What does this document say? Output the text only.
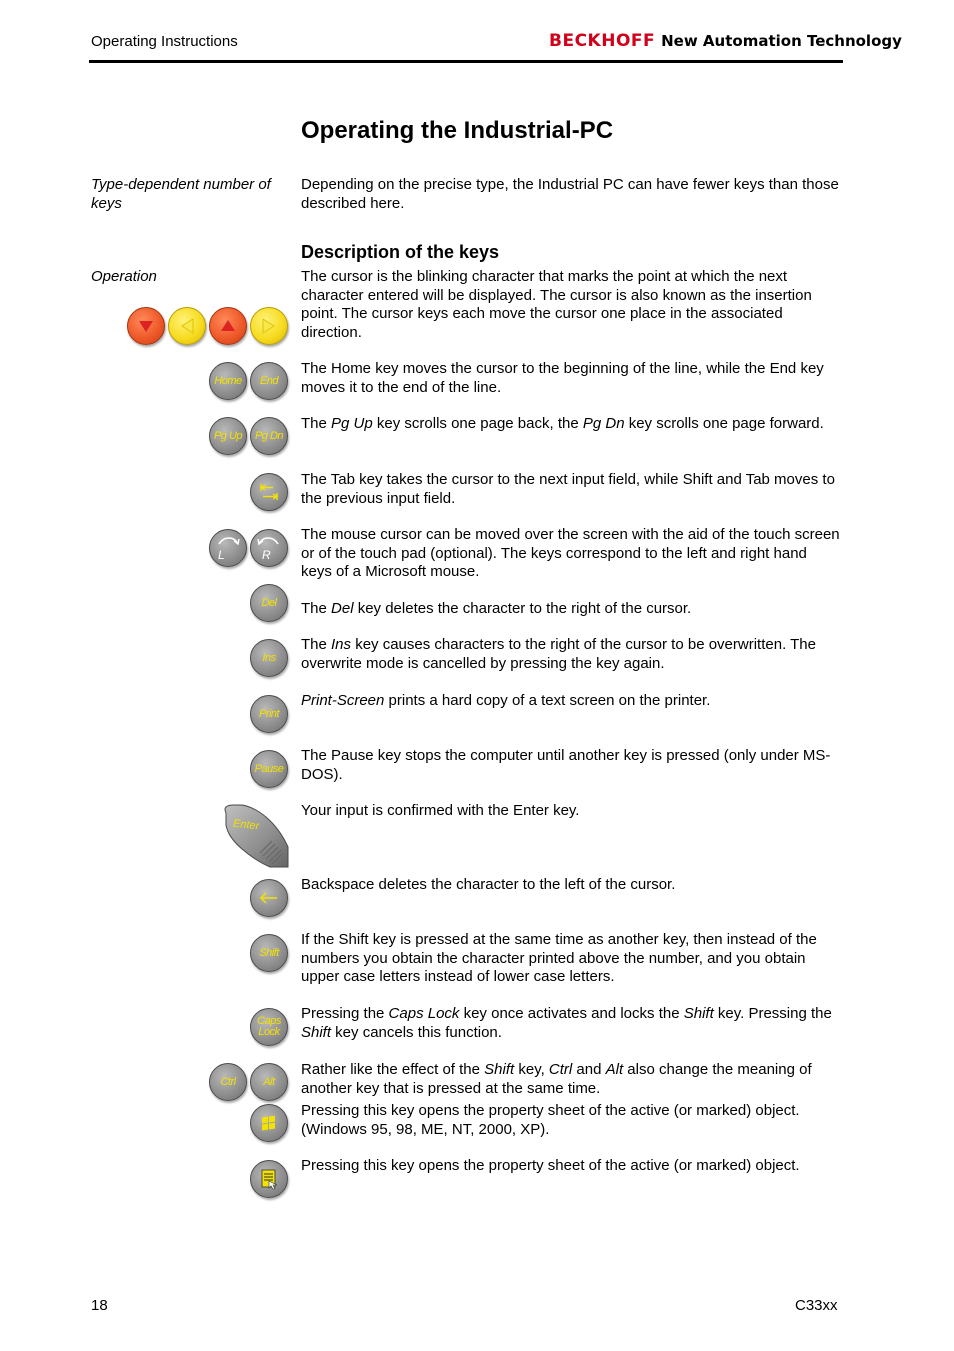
Operating Instructions	BECKHOFF New Automation Technology
Operating the Industrial-PC
Type-dependent number of keys
Depending on the precise type, the Industrial PC can have fewer keys than those described here.
Description of the keys
Operation	The cursor is the blinking character that marks the point at which the next character entered will be displayed. The cursor is also known as the insertion point. The cursor keys each move the cursor one place in the associated direction.
Home End
The Home key moves the cursor to the beginning of the line, while the End key moves it to the end of the line.
Pg Up Pg Dn
The Pg Up key scrolls one page back, the Pg Dn key scrolls one page forward.
The Tab key takes the cursor to the next input field, while Shift and Tab moves to the previous input field.
L	R
The mouse cursor can be moved over the screen with the aid of the touch screen or of the touch pad (optional). The keys correspond to the left and right hand keys of a Microsoft mouse.
Del The Del key deletes the character to the right of the cursor.
Ins
The Ins key causes characters to the right of the cursor to be overwritten. The overwrite mode is cancelled by pressing the key again.
Print
Print-Screen prints a hard copy of a text screen on the printer.
Pause
The Pause key stops the computer until another key is pressed (only under MS-DOS).
Enter
Your input is confirmed with the Enter key.
Backspace deletes the character to the left of the cursor.
Shift
If the Shift key is pressed at the same time as another key, then instead of the numbers you obtain the character printed above the number, and you obtain upper case letters instead of lower case letters.
Caps
Lock
Pressing the Caps Lock key once activates and locks the Shift key. Pressing the Shift key cancels this function.
Ctrl	Alt
Rather like the effect of the Shift key, Ctrl and Alt also change the meaning of another key that is pressed at the same time.
Pressing this key opens the property sheet of the active (or marked) object. (Windows 95, 98, ME, NT, 2000, XP).
Pressing this key opens the property sheet of the active (or marked) object.
18	C33xx
